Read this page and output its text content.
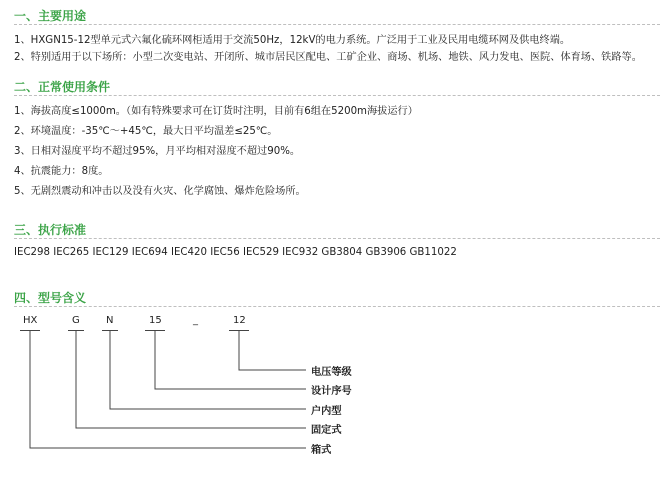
一、主要用途
1、HXGN15-12型单元式六氟化硫环网柜适用于交流50Hz，12kV的电力系统。广泛用于工业及民用电缆环网及供电终端。
2、特别适用于以下场所：小型二次变电站、开闭所、城市居民区配电、工矿企业、商场、机场、地铁、风力发电、医院、体育场、铁路等。
二、正常使用条件
1、海拔高度≤1000m。（如有特殊要求可在订货时注明，目前有6组在5200m海拔运行）
2、环境温度：-35℃～+45℃，最大日平均温差≤25℃。
3、日相对湿度平均不超过95%，月平均相对湿度不超过90%。
4、抗震能力：8度。
5、无剧烈震动和冲击以及没有火灾、化学腐蚀、爆炸危险场所。
三、执行标准
IEC298 IEC265 IEC129 IEC694 IEC420 IEC56 IEC529 IEC932 GB3804 GB3906 GB11022
四、型号含义
HX	G	N	15	_	12
电压等级
设计序号
户内型
固定式
箱式
